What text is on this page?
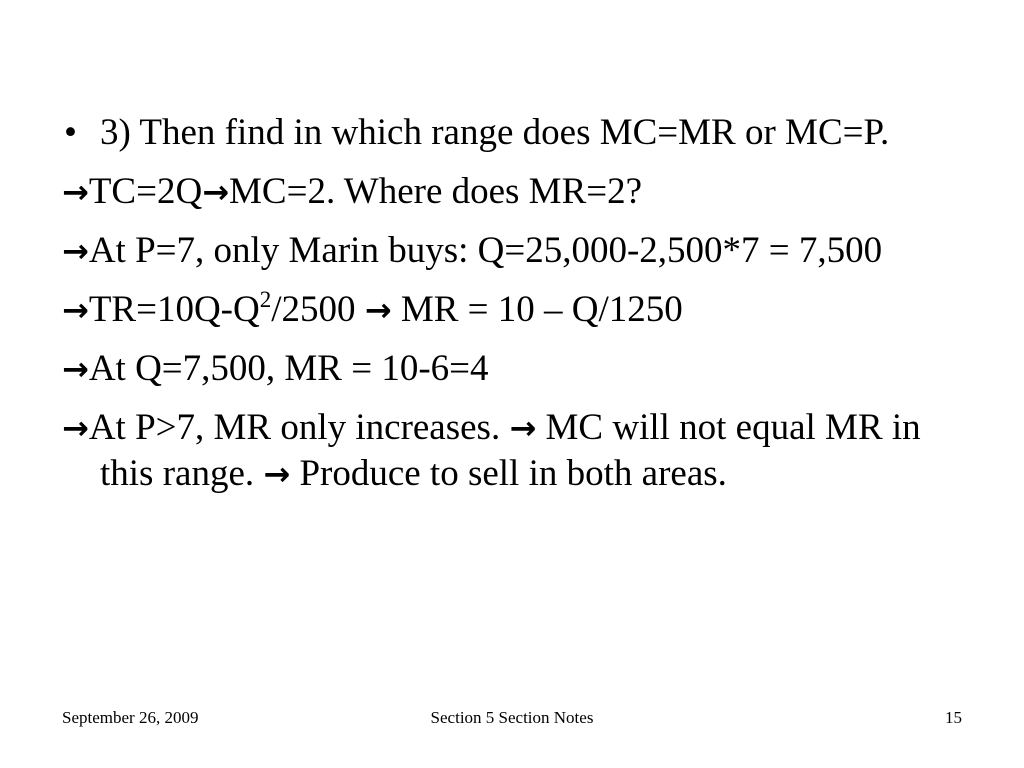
• 3) Then find in which range does MC=MR or MC=P.

→TC=2Q→MC=2. Where does MR=2?

→At P=7, only Marin buys: Q=25,000-2,500*7 = 7,500

$\to TR=10Q-Q^2/2500$ → MR = 10 – Q/1250

→At Q=7,500, MR = 10-6=4

→At P>7, MR only increases. → MC will not equal MR in this range. → Produce to sell in both areas.

September 26, 2009	Section 5 Section Notes	15
